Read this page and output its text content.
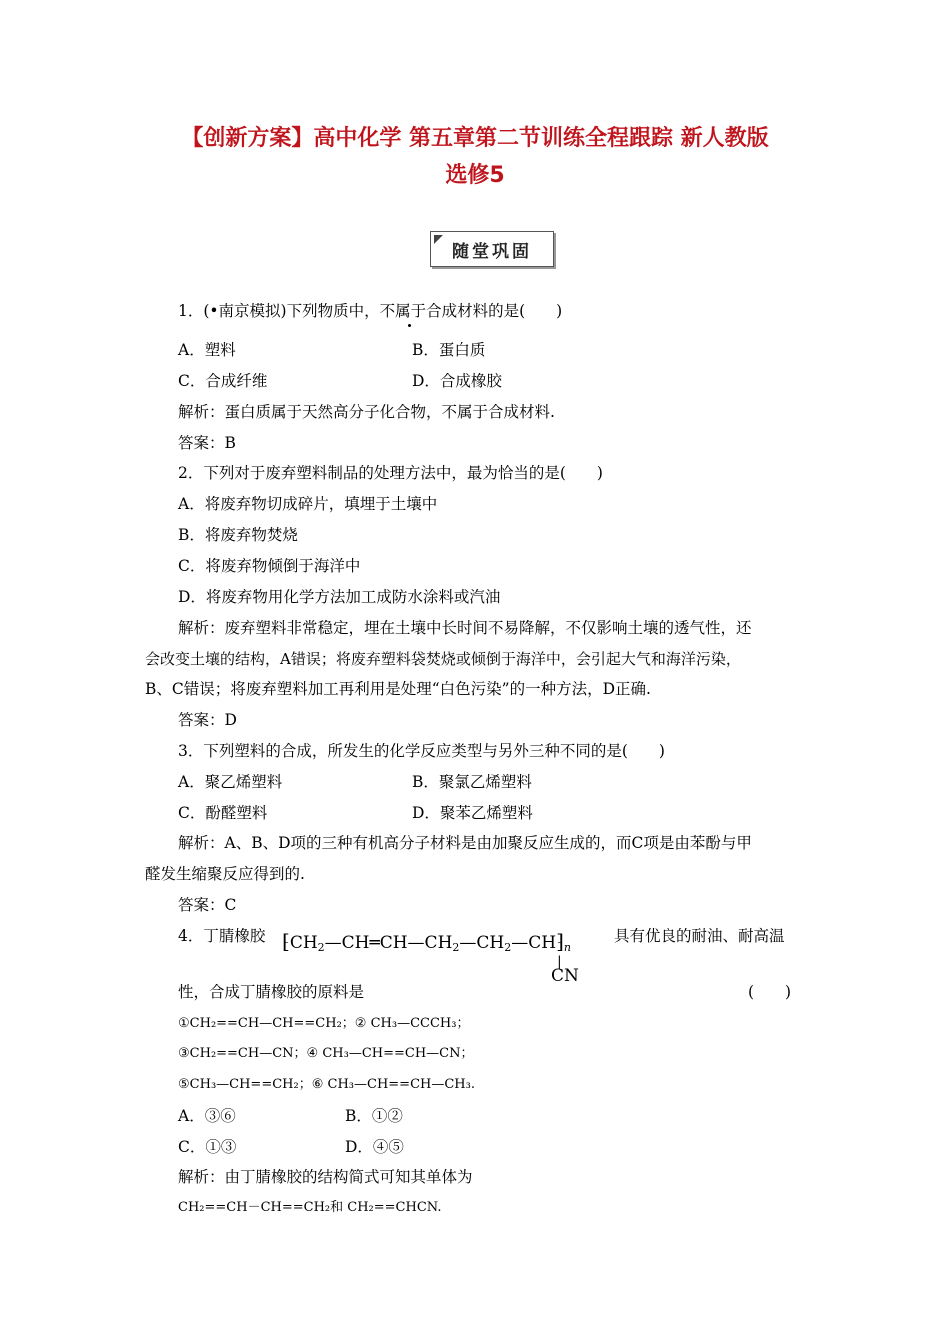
【创新方案】高中化学 第五章第二节训练全程跟踪 新人教版
选修5
随堂巩固
1．(•南京模拟)下列物质中，不属于合成材料的是(　　)
A．塑料	B．蛋白质
C．合成纤维	D．合成橡胶
解析：蛋白质属于天然高分子化合物，不属于合成材料.
答案：B
2．下列对于废弃塑料制品的处理方法中，最为恰当的是(　　)
A．将废弃物切成碎片，填埋于土壤中
B．将废弃物焚烧
C．将废弃物倾倒于海洋中
D．将废弃物用化学方法加工成防水涂料或汽油
解析：废弃塑料非常稳定，埋在土壤中长时间不易降解，不仅影响土壤的透气性，还
会改变土壤的结构，A错误；将废弃塑料袋焚烧或倾倒于海洋中，会引起大气和海洋污染，
B、C错误；将废弃塑料加工再利用是处理“白色污染”的一种方法，D正确.
答案：D
3．下列塑料的合成，所发生的化学反应类型与另外三种不同的是(　　)
A．聚乙烯塑料	B．聚氯乙烯塑料
C．酚醛塑料	D．聚苯乙烯塑料
解析：A、B、D项的三种有机高分子材料是由加聚反应生成的，而C项是由苯酚与甲
醛发生缩聚反应得到的.
答案：C
4．丁腈橡胶 $⁅CH_2—CH═CH—CH_2—CH_2—CH⁆_n$
|
CN
具有优良的耐油、耐高温
性，合成丁腈橡胶的原料是	(　　)
①CH₂==CH—CH==CH₂；② CH₃—CCCH₃；
③CH₂==CH—CN；④ CH₃—CH==CH—CN；
⑤CH₃—CH==CH₂；⑥ CH₃—CH==CH—CH₃.
A．③⑥	B．①②
C．①③	D．④⑤
解析：由丁腈橡胶的结构简式可知其单体为
CH₂==CH－CH==CH₂和 CH₂==CHCN.
